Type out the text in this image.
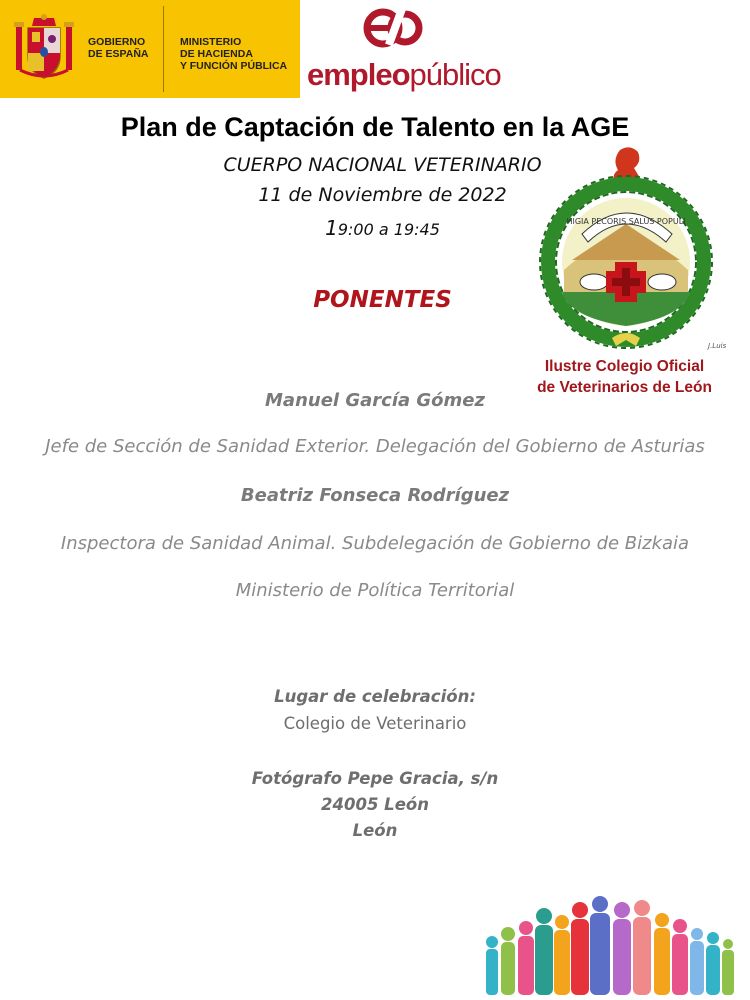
GOBIERNO
DE ESPAÑA
MINISTERIO
DE HACIENDA
Y FUNCIÓN PÚBLICA empleopúblico
Plan de Captación de Talento en la AGE
CUERPO NACIONAL VETERINARIO
11 de Noviembre de 2022
19:00 a 19:45
PONENTES
HIGIA PECORIS SALUS POPULI
J.Luis
Ilustre Colegio Oficial
de Veterinarios de León
Manuel García Gómez
Jefe de Sección de Sanidad Exterior. Delegación del Gobierno de Asturias
Beatriz Fonseca Rodríguez
Inspectora de Sanidad Animal. Subdelegación de Gobierno de Bizkaia
Ministerio de Política Territorial
Lugar de celebración:
Colegio de Veterinario
Fotógrafo Pepe Gracia, s/n
24005 León
León
